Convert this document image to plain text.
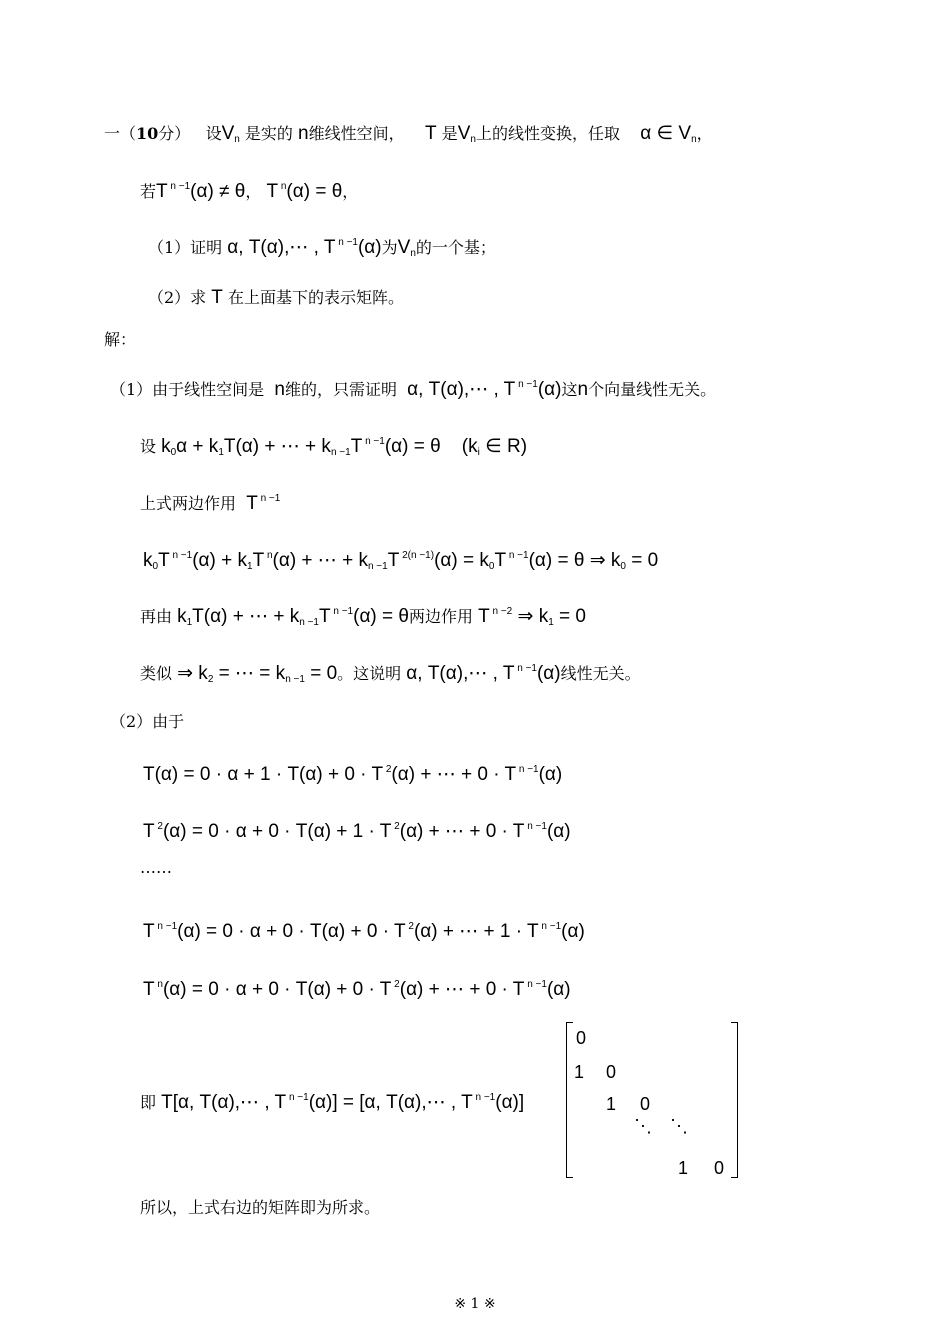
一（10分） 设$V_n$ 是实的 n维线性空间， T 是$V_n$上的线性变换，任取 α ∈ $V_n$，
若T $^{n -1}$(α) ≠ θ， T $^n$(α) = θ，
（1）证明 α, T(α),⋯ , T $^{n -1}$(α)为$V_n$的一个基；
（2）求 T 在上面基下的表示矩阵。
解：
（1）由于线性空间是 n维的，只需证明 α, T(α),⋯ , T $^{n -1}$(α)这n个向量线性无关。
设 $k_0\alpha + k_1T(\alpha)$ + ⋯ + $k_{n -1}T$ $^{n -1}$(α) = θ    ($k_i$ ∈ R)
上式两边作用 T $^{n -1}$
$k_0T$ $^{n -1}(\alpha) + k_1T$ $^n$(α) + ⋯ + $k_{n -1}T$ $^{2(n -1)}(\alpha) = k_0T$ $^{n -1}$(α) = θ ⇒ $k_0 = 0$
再由 $k_1T(\alpha)$ + ⋯ + $k_{n -1}T$ $^{n -1}$(α) = θ两边作用 T $^{n -2}$ ⇒ $k_1 = 0$
类似 ⇒ $k_2$ = ⋯ = $k_{n -1} = 0$。这说明 α, T(α),⋯ , T $^{n -1}$(α)线性无关。
（2）由于
T(α) = 0 · α + 1 · T(α) + 0 · T $^2$(α) + ⋯ + 0 · T $^{n -1}$(α)
T $^2$(α) = 0 · α + 0 · T(α) + 1 · T $^2$(α) + ⋯ + 0 · T $^{n -1}$(α)
……
T $^{n -1}$(α) = 0 · α + 0 · T(α) + 0 · T $^2$(α) + ⋯ + 1 · T $^{n -1}$(α)
T $^n$(α) = 0 · α + 0 · T(α) + 0 · T $^2$(α) + ⋯ + 0 · T $^{n -1}$(α)
即 T[α, T(α),⋯ , T $^{n -1}$(α)] = [α, T(α),⋯ , T $^{n -1}$(α)]
0
1 0
1 0
⋱ ⋱
1 0
所以，上式右边的矩阵即为所求。
※ 1 ※
